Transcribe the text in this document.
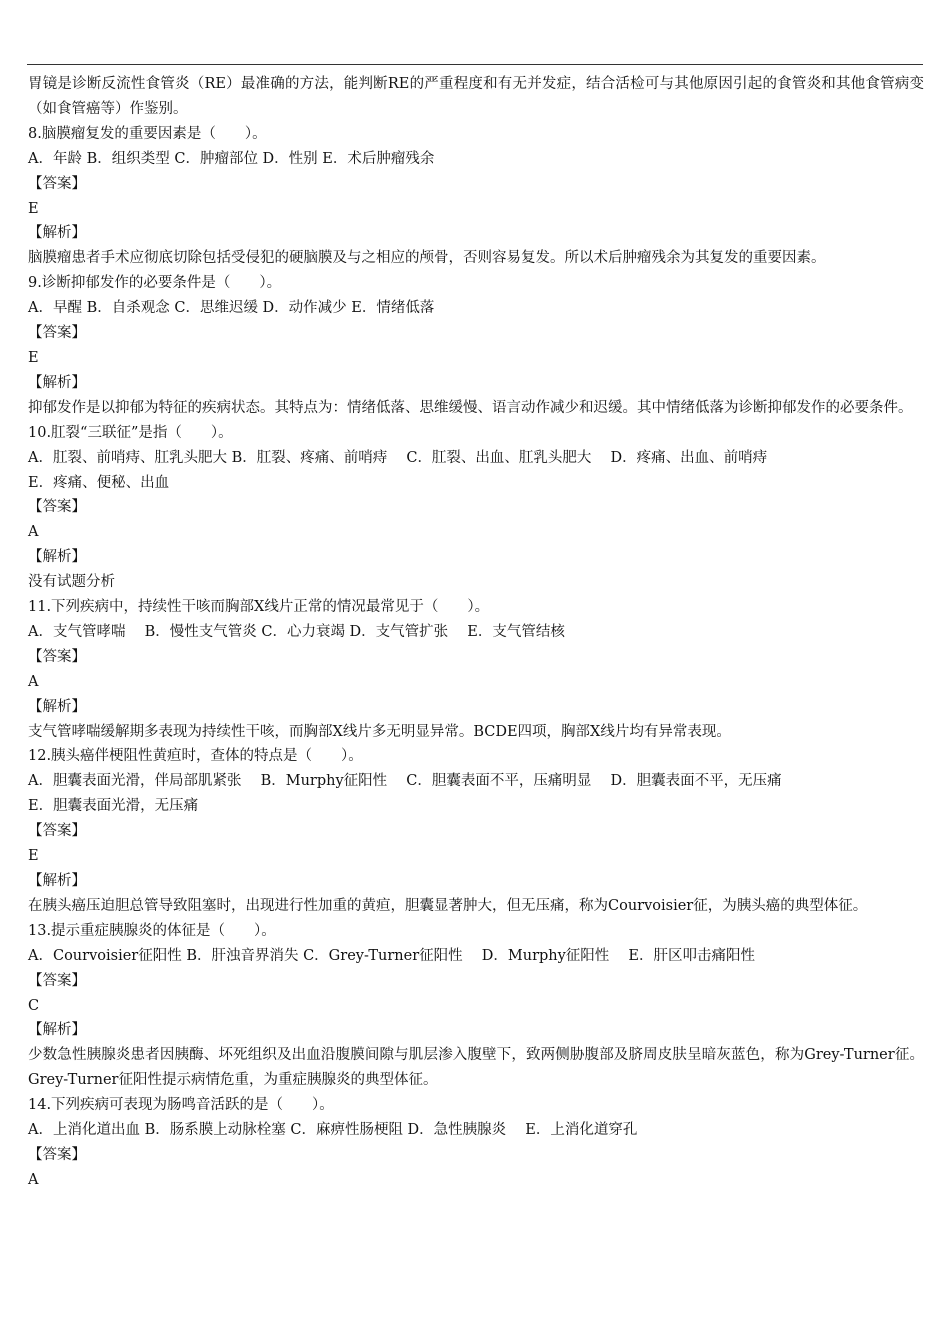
胃镜是诊断反流性食管炎（RE）最准确的方法，能判断RE的严重程度和有无并发症，结合活检可与其他原因引起的食管炎和其他食管病变（如食管癌等）作鉴别。
8.脑膜瘤复发的重要因素是（　　）。
A．年龄 B．组织类型 C．肿瘤部位 D．性别 E．术后肿瘤残余
【答案】
E
【解析】
脑膜瘤患者手术应彻底切除包括受侵犯的硬脑膜及与之相应的颅骨，否则容易复发。所以术后肿瘤残余为其复发的重要因素。
9.诊断抑郁发作的必要条件是（　　）。
A．早醒 B．自杀观念 C．思维迟缓 D．动作减少 E．情绪低落
【答案】
E
【解析】
抑郁发作是以抑郁为特征的疾病状态。其特点为：情绪低落、思维缓慢、语言动作减少和迟缓。其中情绪低落为诊断抑郁发作的必要条件。
10.肛裂“三联征”是指（　　）。
A．肛裂、前哨痔、肛乳头肥大 B．肛裂、疼痛、前哨痔　 C．肛裂、出血、肛乳头肥大　 D．疼痛、出血、前哨痔
E．疼痛、便秘、出血
【答案】
A
【解析】
没有试题分析
11.下列疾病中，持续性干咳而胸部X线片正常的情况最常见于（　　）。
A．支气管哮喘　 B．慢性支气管炎 C．心力衰竭 D．支气管扩张　 E．支气管结核
【答案】
A
【解析】
支气管哮喘缓解期多表现为持续性干咳，而胸部X线片多无明显异常。BCDE四项，胸部X线片均有异常表现。
12.胰头癌伴梗阻性黄疸时，查体的特点是（　　）。
A．胆囊表面光滑，伴局部肌紧张　 B．Murphy征阳性　 C．胆囊表面不平，压痛明显　 D．胆囊表面不平，无压痛
E．胆囊表面光滑，无压痛
【答案】
E
【解析】
在胰头癌压迫胆总管导致阻塞时，出现进行性加重的黄疸，胆囊显著肿大，但无压痛，称为Courvoisier征，为胰头癌的典型体征。
13.提示重症胰腺炎的体征是（　　）。
A．Courvoisier征阳性 B．肝浊音界消失 C．Grey-Turner征阳性　 D．Murphy征阳性　 E．肝区叩击痛阳性
【答案】
C
【解析】
少数急性胰腺炎患者因胰酶、坏死组织及出血沿腹膜间隙与肌层渗入腹壁下，致两侧胁腹部及脐周皮肤呈暗灰蓝色，称为Grey-Turner征。Grey-Turner征阳性提示病情危重，为重症胰腺炎的典型体征。
14.下列疾病可表现为肠鸣音活跃的是（　　）。
A．上消化道出血 B．肠系膜上动脉栓塞 C．麻痹性肠梗阻 D．急性胰腺炎　 E．上消化道穿孔
【答案】
A
